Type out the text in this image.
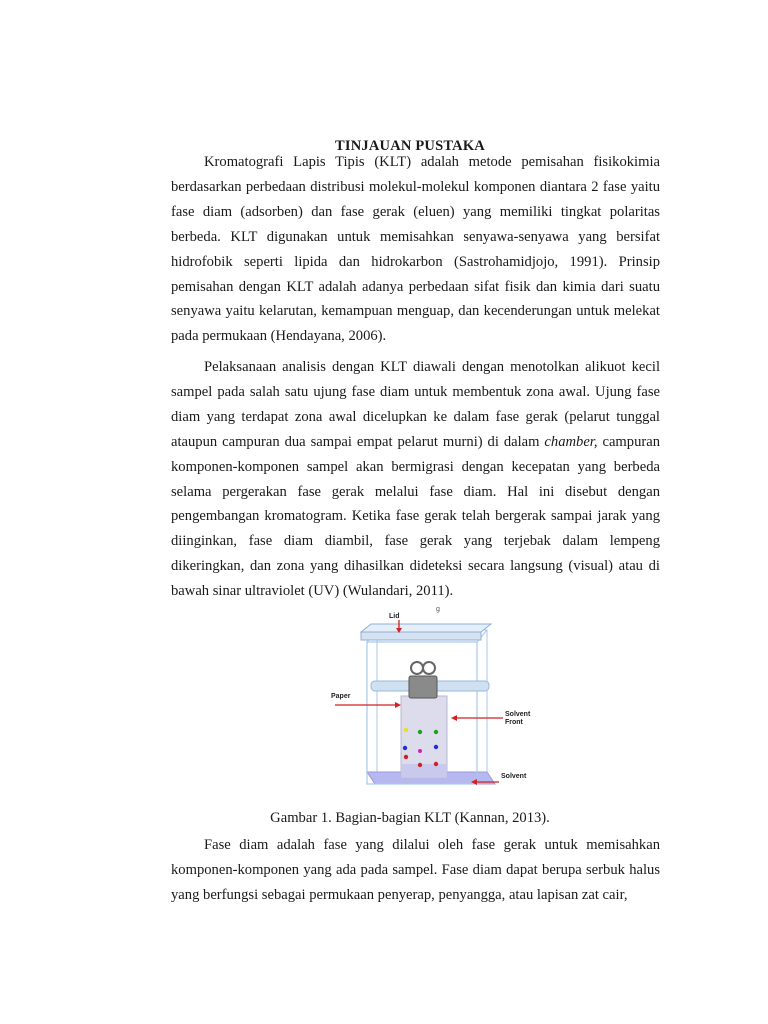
TINJAUAN PUSTAKA

Kromatografi Lapis Tipis (KLT) adalah metode pemisahan fisikokimia berdasarkan perbedaan distribusi molekul-molekul komponen diantara 2 fase yaitu fase diam (adsorben) dan fase gerak (eluen) yang memiliki tingkat polaritas berbeda. KLT digunakan untuk memisahkan senyawa-senyawa yang bersifat hidrofobik seperti lipida dan hidrokarbon (Sastrohamidjojo, 1991). Prinsip pemisahan dengan KLT adalah adanya perbedaan sifat fisik dan kimia dari suatu senyawa yaitu kelarutan, kemampuan menguap, dan kecenderungan untuk melekat pada permukaan (Hendayana, 2006).

Pelaksanaan analisis dengan KLT diawali dengan menotolkan alikuot kecil sampel pada salah satu ujung fase diam untuk membentuk zona awal. Ujung fase diam yang terdapat zona awal dicelupkan ke dalam fase gerak (pelarut tunggal ataupun campuran dua sampai empat pelarut murni) di dalam chamber, campuran komponen-komponen sampel akan bermigrasi dengan kecepatan yang berbeda selama pergerakan fase gerak melalui fase diam. Hal ini disebut dengan pengembangan kromatogram. Ketika fase gerak telah bergerak sampai jarak yang diinginkan, fase diam diambil, fase gerak yang terjebak dalam lempeng dikeringkan, dan zona yang dihasilkan dideteksi secara langsung (visual) atau di bawah sinar ultraviolet (UV) (Wulandari, 2011).

g
Lid
Paper
Solvent
Front
Solvent
Gambar 1. Bagian-bagian KLT (Kannan, 2013).

Fase diam adalah fase yang dilalui oleh fase gerak untuk memisahkan komponen-komponen yang ada pada sampel. Fase diam dapat berupa serbuk halus yang berfungsi sebagai permukaan penyerap, penyangga, atau lapisan zat cair,
